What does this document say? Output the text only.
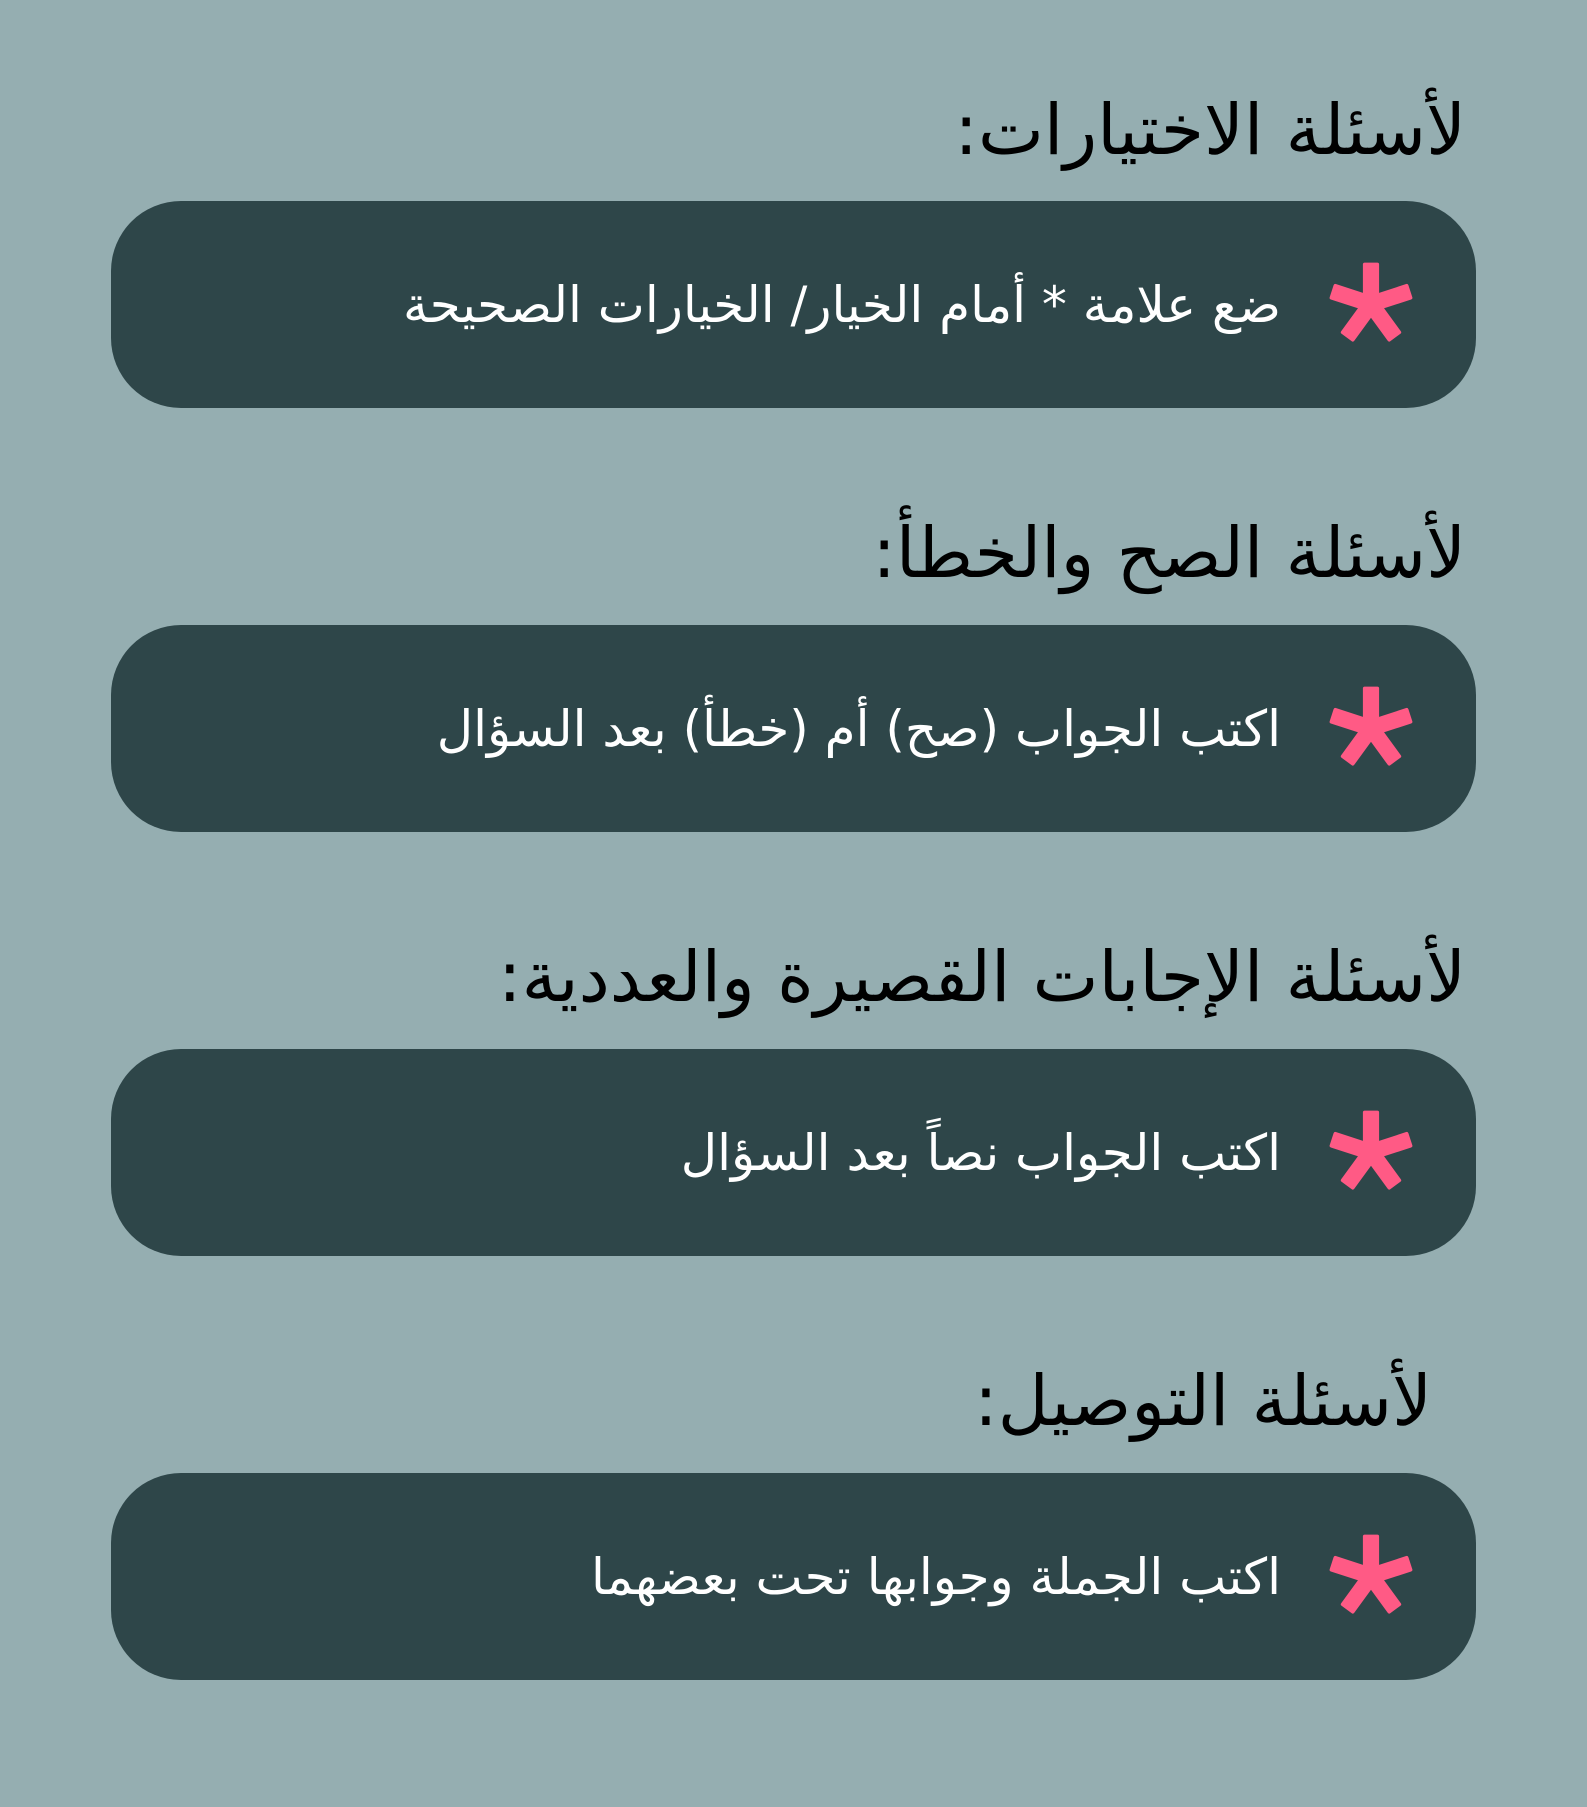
لأسئلة الاختيارات:
ضع علامة * أمام الخيار/ الخيارات الصحيحة
لأسئلة الصح والخطأ:
اكتب الجواب (صح) أم (خطأ) بعد السؤال
لأسئلة الإجابات القصيرة والعددية:
اكتب الجواب نصاً بعد السؤال
لأسئلة التوصيل:
اكتب الجملة وجوابها تحت بعضهما
